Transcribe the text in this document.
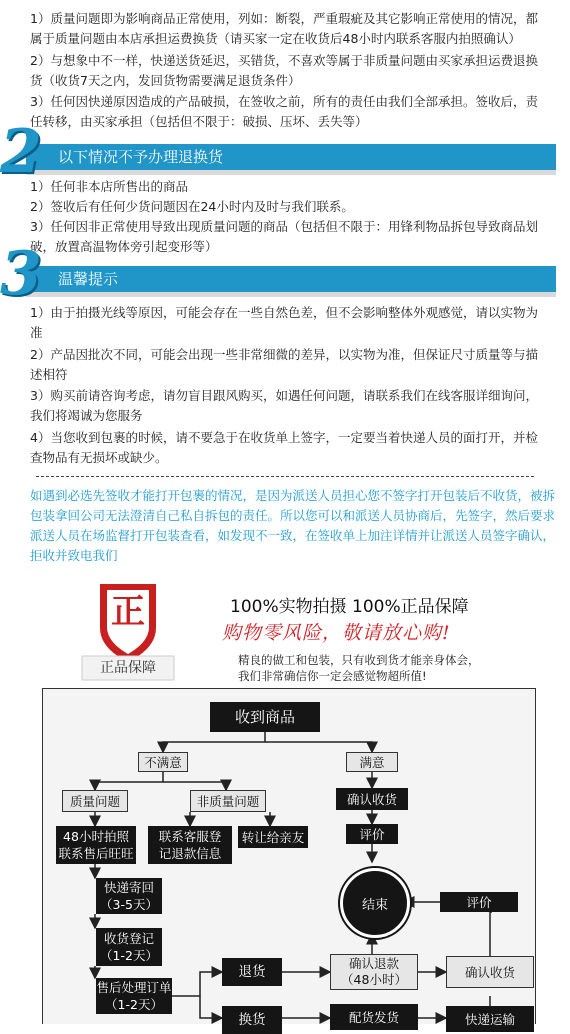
1）质量问题即为影响商品正常使用，列如：断裂，严重瑕疵及其它影响正常使用的情况，都
属于质量问题由本店承担运费换货（请买家一定在收货后48小时内联系客服内拍照确认）
2）与想象中不一样，快递送货延迟，买错货，不喜欢等属于非质量问题由买家承担运费退换
货（收货7天之内，发回货物需要满足退货条件）
3）任何因快递原因造成的产品破损，在签收之前，所有的责任由我们全部承担。签收后，责
任转移，由买家承担（包括但不限于：破损、压坏、丢失等）
以下情况不予办理退换货
2
1）任何非本店所售出的商品
2）签收后有任何少货问题因在24小时内及时与我们联系。
3）任何因非正常使用导致出现质量问题的商品（包括但不限于：用锋利物品拆包导致商品划
破，放置高温物体旁引起变形等）
温馨提示
3
1）由于拍摄光线等原因，可能会存在一些自然色差，但不会影响整体外观感觉，请以实物为
准
2）产品因批次不同，可能会出现一些非常细微的差异，以实物为准，但保证尺寸质量等与描
述相符
3）购买前请咨询考虑，请勿盲目跟风购买，如遇任何问题，请联系我们在线客服详细询问，
我们将竭诚为您服务
4）当您收到包裹的时候，请不要急于在收货单上签字，一定要当着快递人员的面打开，并检
查物品有无损坏或缺少。
如遇到必选先签收才能打开包裹的情况，是因为派送人员担心您不签字打开包装后不收货，被拆
包装拿回公司无法澄清自己私自拆包的责任。所以您可以和派送人员协商后，先签字，然后要求
派送人员在场监督打开包装查看，如发现不一致，在签收单上加注详情并让派送人员签字确认，
拒收并致电我们
正
正品保障
100%实物拍摄 100%正品保障
购物零风险，敬请放心购!
精良的做工和包装，只有收到货才能亲身体会，
我们非常确信你一定会感觉物超所值!
收到商品
不满意	满意
质量问题	非质量问题	确认收货
48小时拍照
联系售后旺旺
联系客服登
记退款信息
转让给亲友	评价
结束	评价
快递寄回
（3-5天）
收货登记
（1-2天）
售后处理订单
（1-2天）
退货	确认退款
（48小时）	确认收货
换货	配货发货	快递运输
